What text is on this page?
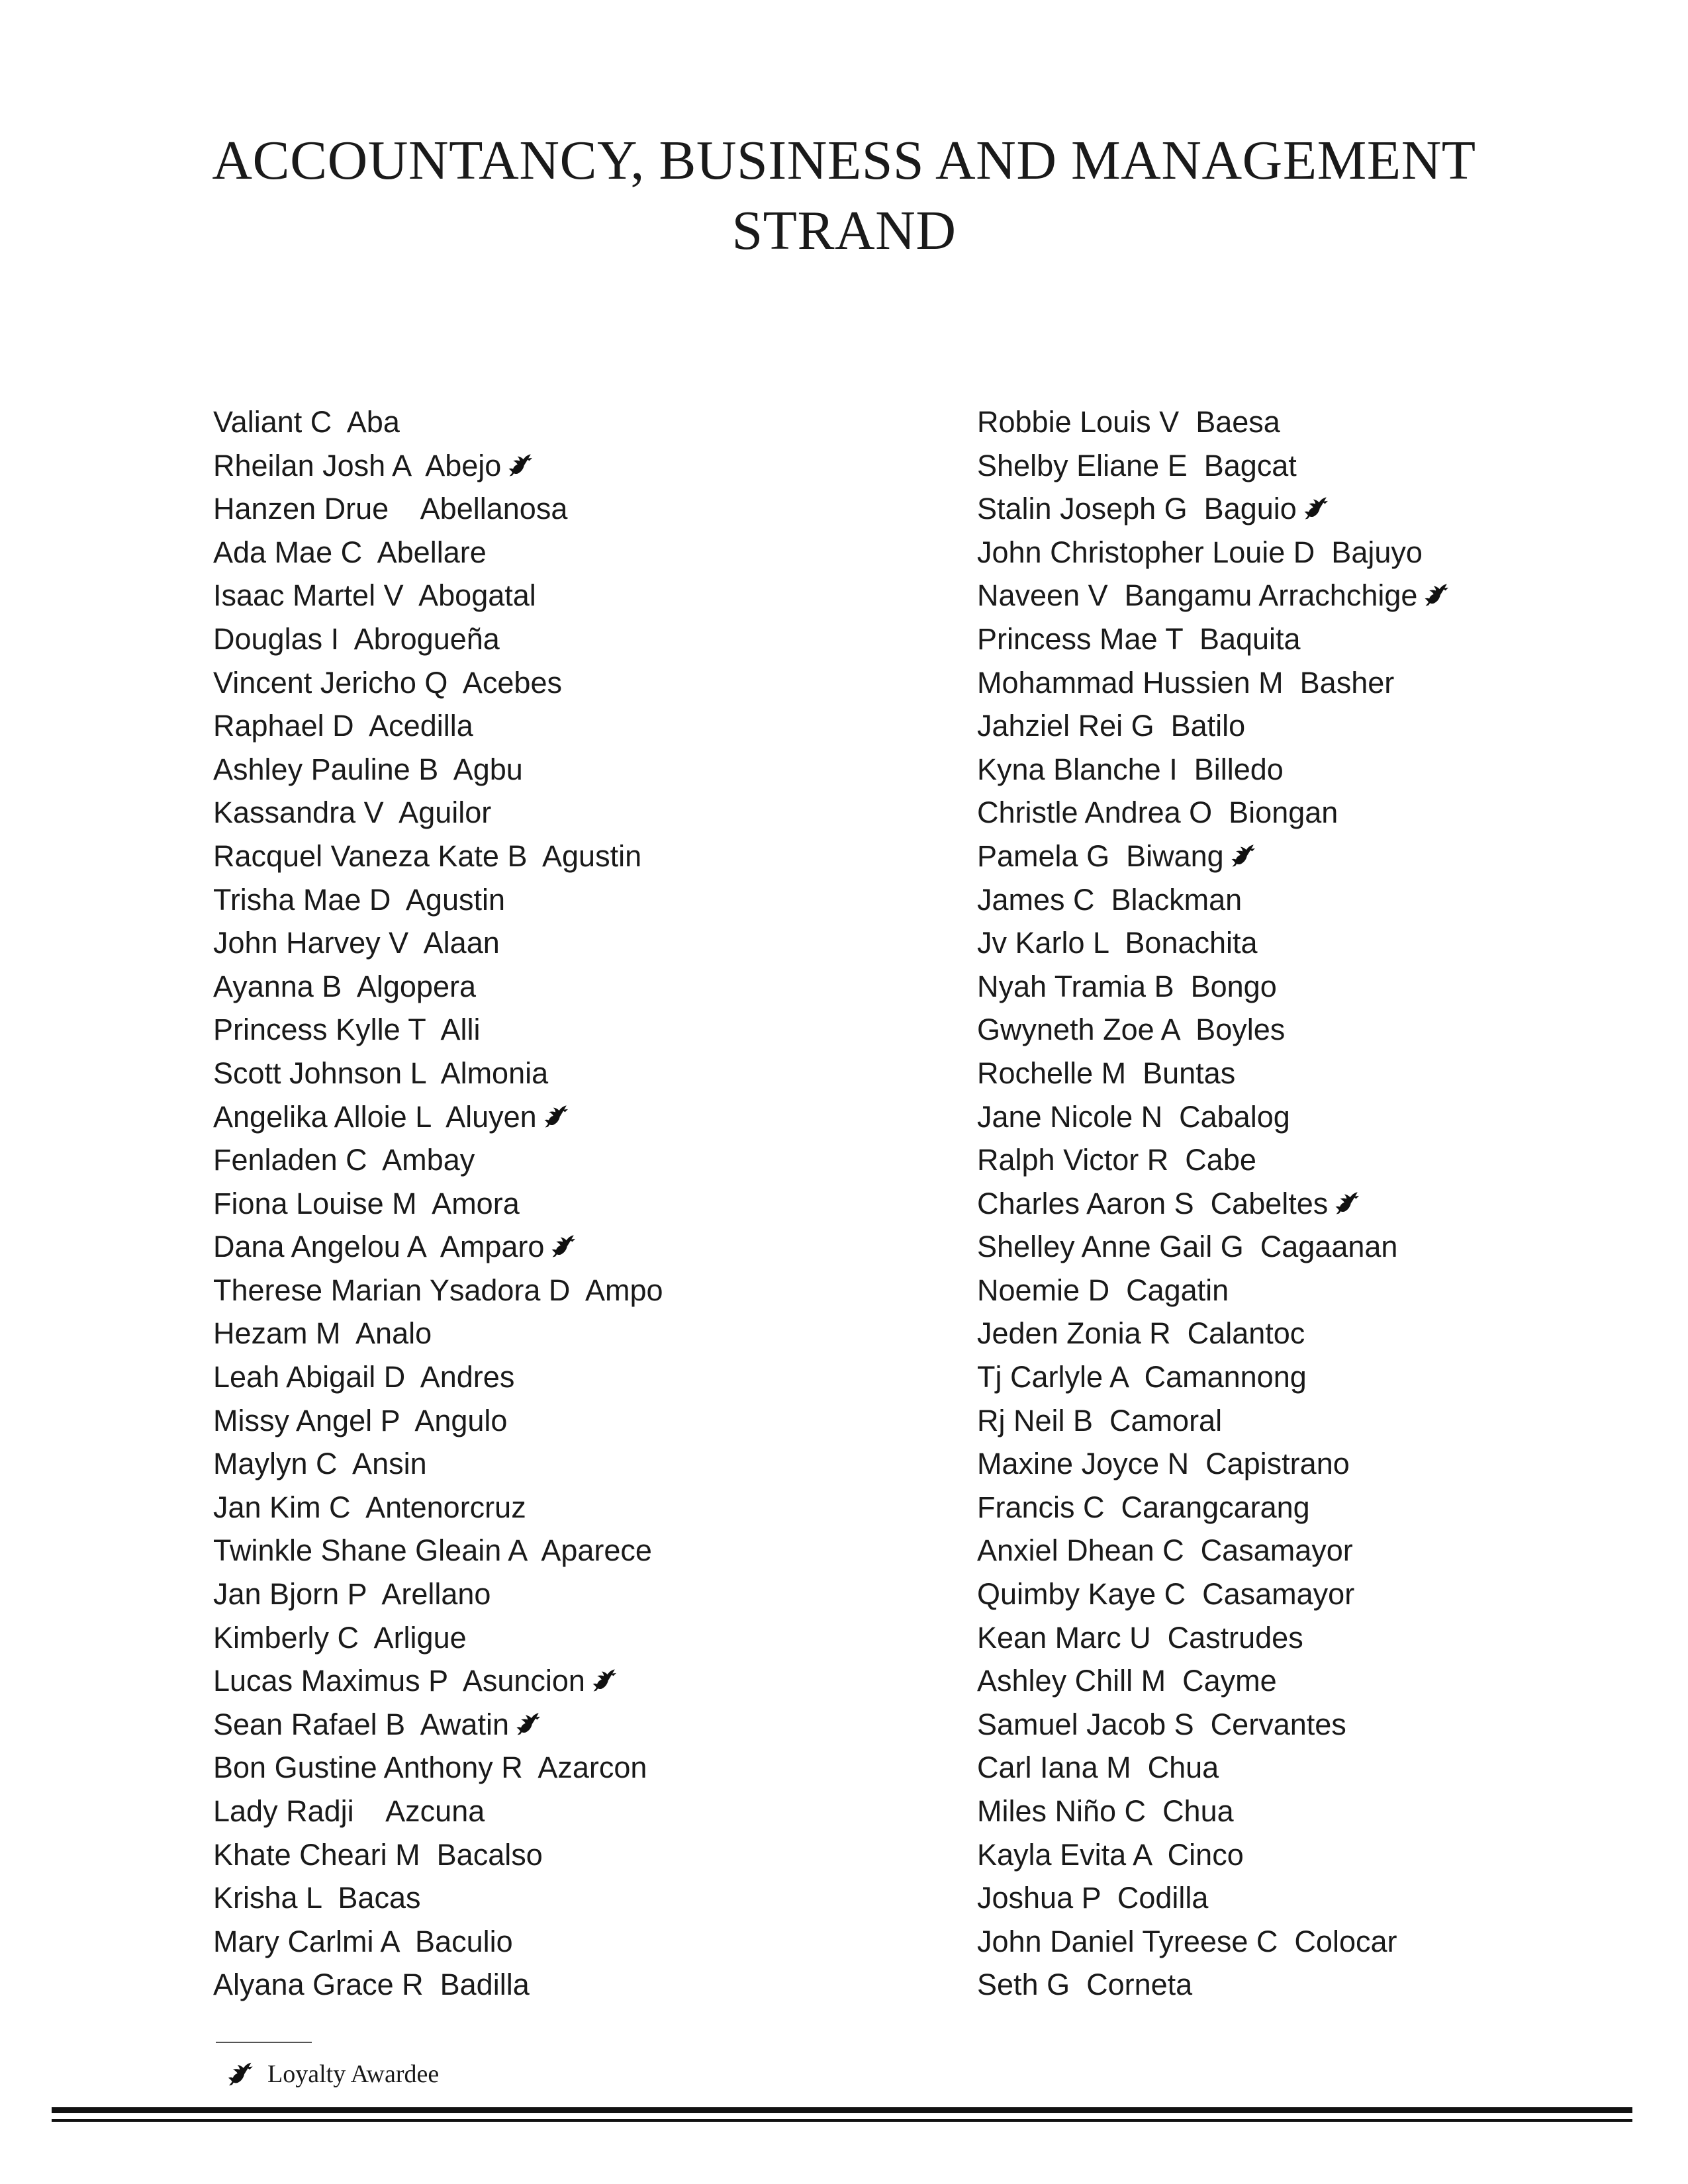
ACCOUNTANCY, BUSINESS AND MANAGEMENT
STRAND
Valiant C  Aba
Rheilan Josh A  Abejo
Hanzen Drue    Abellanosa
Ada Mae C  Abellare
Isaac Martel V  Abogatal
Douglas I  Abrogueña
Vincent Jericho Q  Acebes
Raphael D  Acedilla
Ashley Pauline B  Agbu
Kassandra V  Aguilor
Racquel Vaneza Kate B  Agustin
Trisha Mae D  Agustin
John Harvey V  Alaan
Ayanna B  Algopera
Princess Kylle T  Alli
Scott Johnson L  Almonia
Angelika Alloie L  Aluyen
Fenladen C  Ambay
Fiona Louise M  Amora
Dana Angelou A  Amparo
Therese Marian Ysadora D  Ampo
Hezam M  Analo
Leah Abigail D  Andres
Missy Angel P  Angulo
Maylyn C  Ansin
Jan Kim C  Antenorcruz
Twinkle Shane Gleain A  Aparece
Jan Bjorn P  Arellano
Kimberly C  Arligue
Lucas Maximus P  Asuncion
Sean Rafael B  Awatin
Bon Gustine Anthony R  Azarcon
Lady Radji    Azcuna
Khate Cheari M  Bacalso
Krisha L  Bacas
Mary Carlmi A  Baculio
Alyana Grace R  Badilla
Robbie Louis V  Baesa
Shelby Eliane E  Bagcat
Stalin Joseph G  Baguio
John Christopher Louie D  Bajuyo
Naveen V  Bangamu Arrachchige
Princess Mae T  Baquita
Mohammad Hussien M  Basher
Jahziel Rei G  Batilo
Kyna Blanche I  Billedo
Christle Andrea O  Biongan
Pamela G  Biwang
James C  Blackman
Jv Karlo L  Bonachita
Nyah Tramia B  Bongo
Gwyneth Zoe A  Boyles
Rochelle M  Buntas
Jane Nicole N  Cabalog
Ralph Victor R  Cabe
Charles Aaron S  Cabeltes
Shelley Anne Gail G  Cagaanan
Noemie D  Cagatin
Jeden Zonia R  Calantoc
Tj Carlyle A  Camannong
Rj Neil B  Camoral
Maxine Joyce N  Capistrano
Francis C  Carangcarang
Anxiel Dhean C  Casamayor
Quimby Kaye C  Casamayor
Kean Marc U  Castrudes
Ashley Chill M  Cayme
Samuel Jacob S  Cervantes
Carl Iana M  Chua
Miles Niño C  Chua
Kayla Evita A  Cinco
Joshua P  Codilla
John Daniel Tyreese C  Colocar
Seth G  Corneta
Loyalty Awardee
